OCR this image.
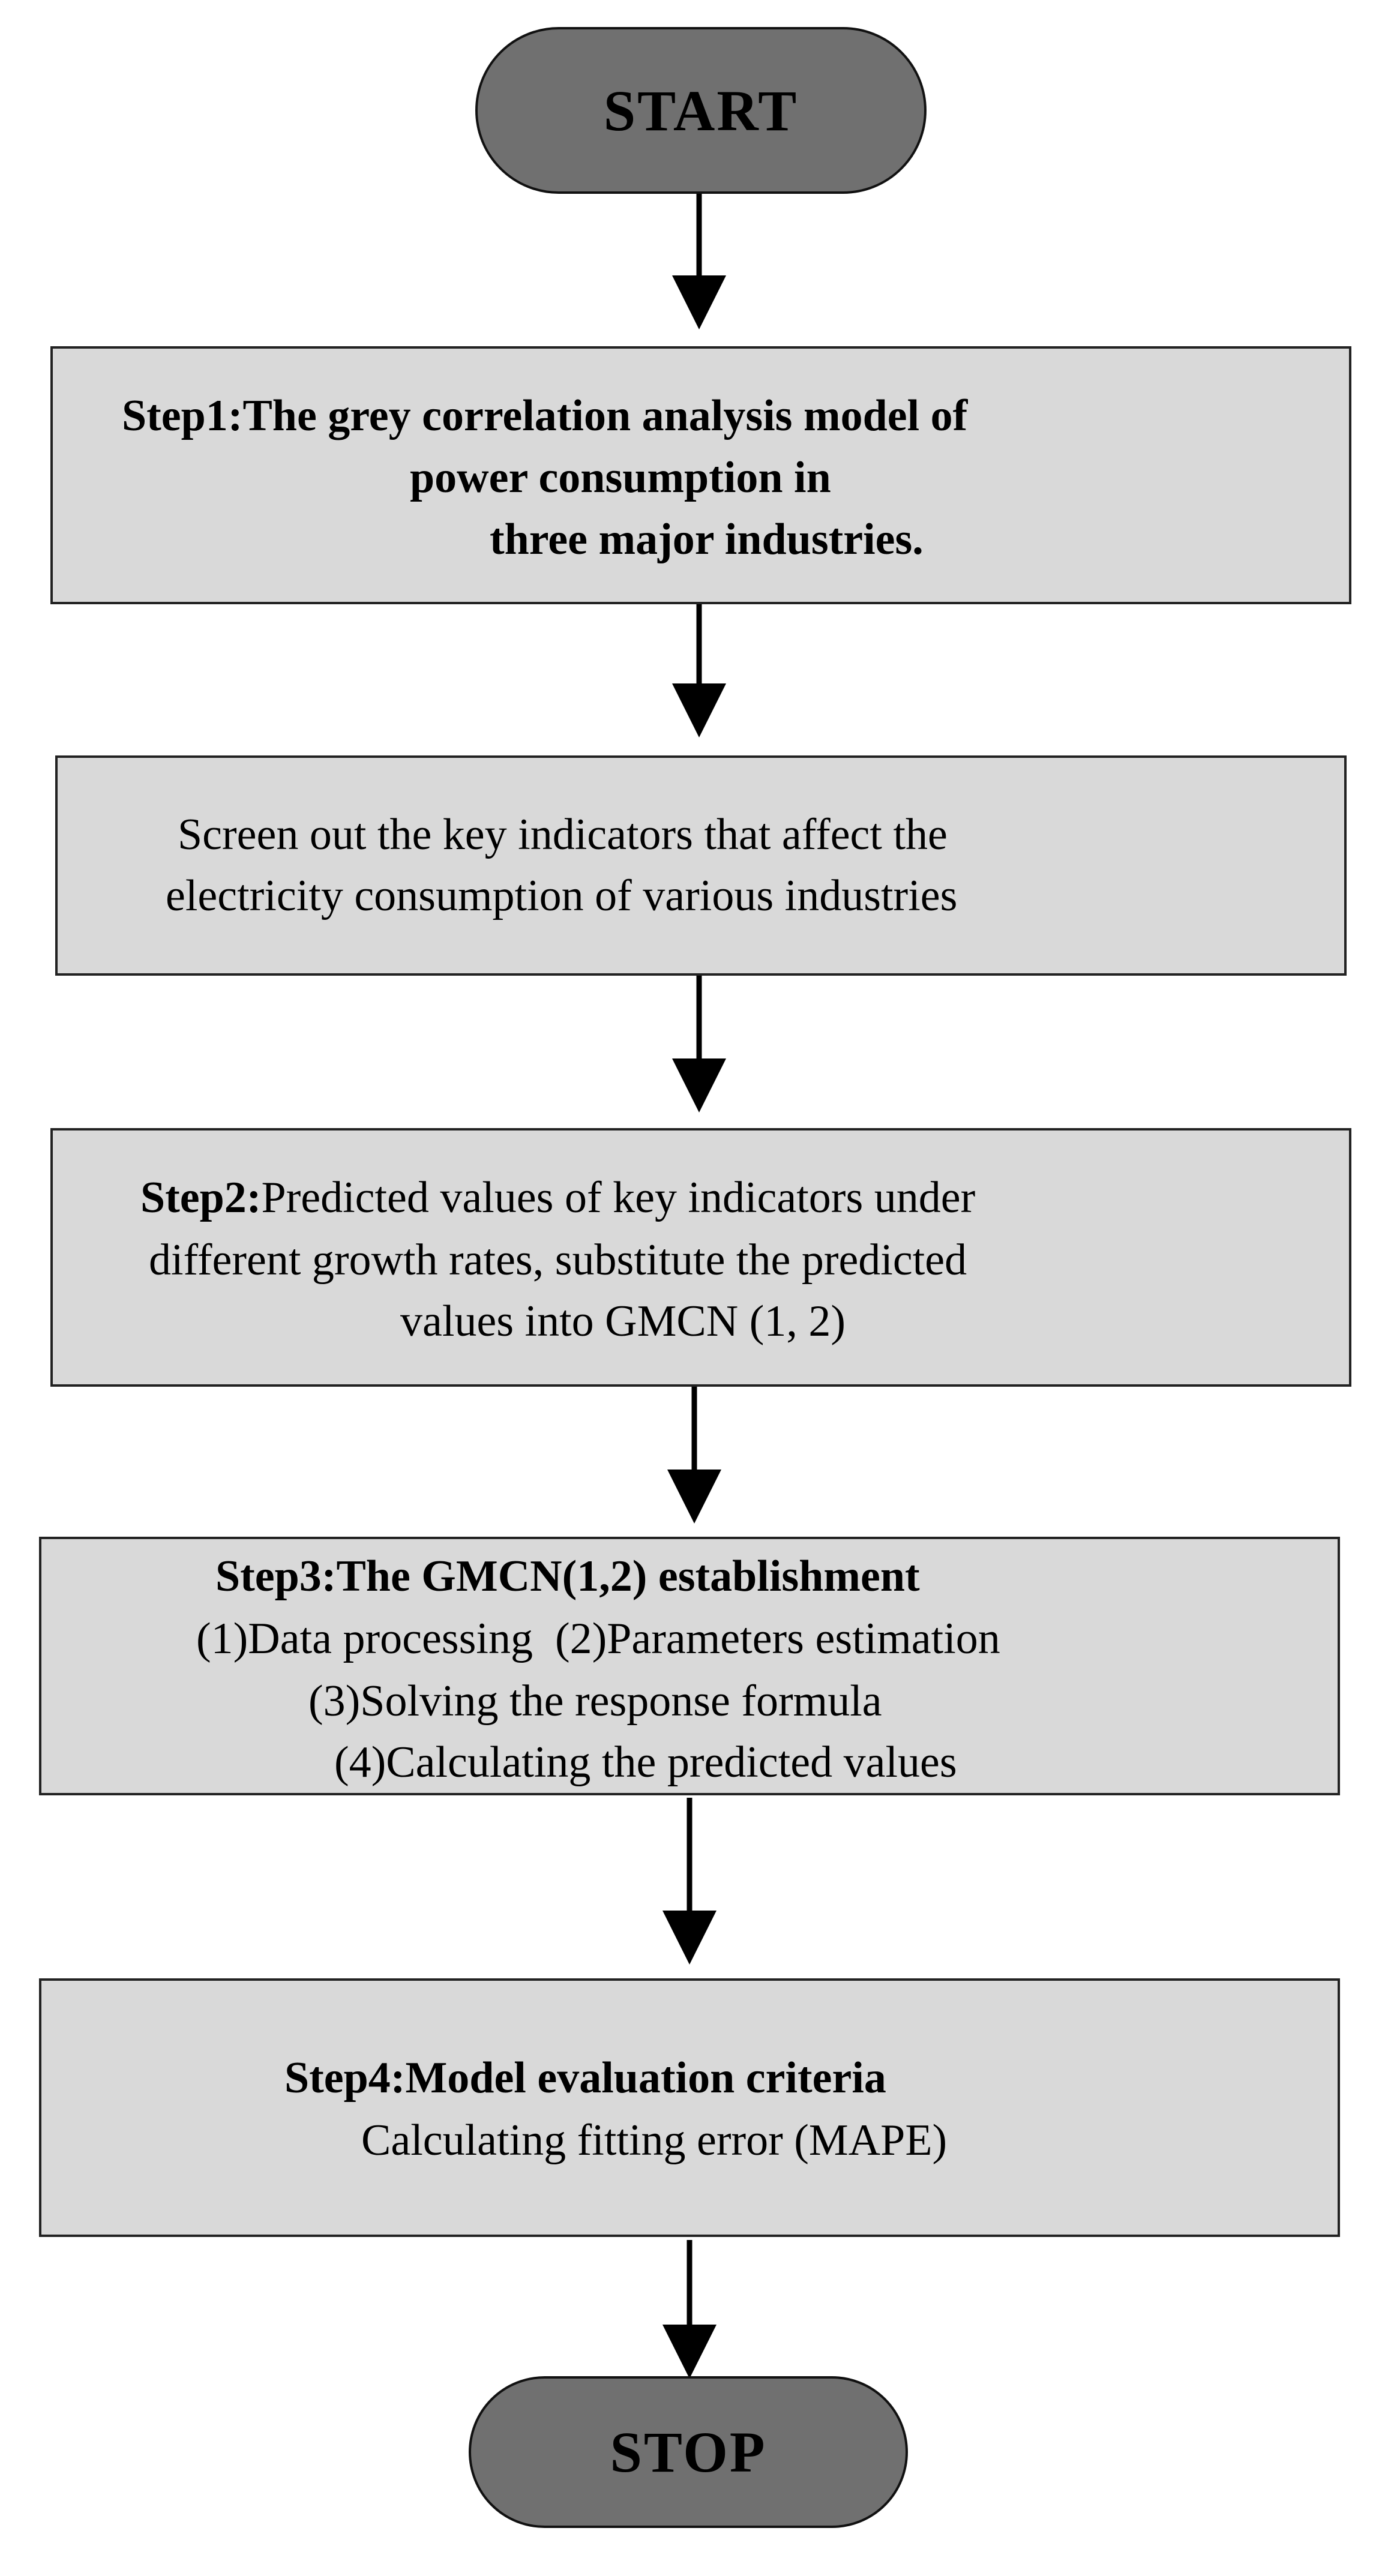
START
Step1:The grey correlation analysis model of
power consumption in
three major industries.
Screen out the key indicators that affect the
electricity consumption of various industries
Step2:Predicted values of key indicators under
different growth rates, substitute the predicted
values into GMCN (1, 2)
Step3:The GMCN(1,2) establishment
(1)Data processing  (2)Parameters estimation
(3)Solving the response formula
(4)Calculating the predicted values
Step4:Model evaluation criteria
Calculating fitting error (MAPE)
STOP
